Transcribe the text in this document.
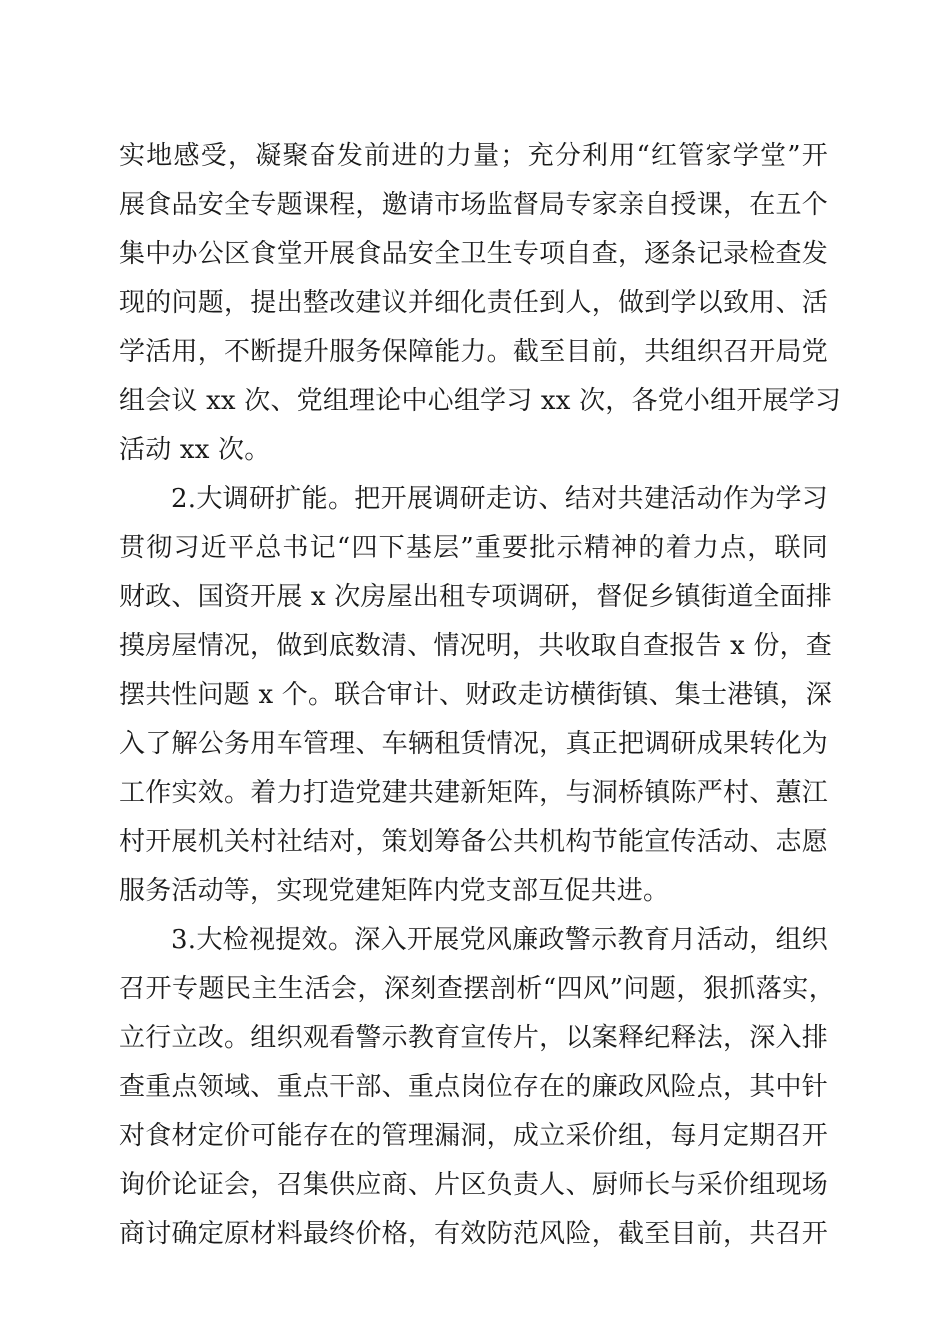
实地感受，凝聚奋发前进的力量；充分利用“红管家学堂”开
展食品安全专题课程，邀请市场监督局专家亲自授课，在五个
集中办公区食堂开展食品安全卫生专项自查，逐条记录检查发
现的问题，提出整改建议并细化责任到人，做到学以致用、活
学活用，不断提升服务保障能力。截至目前，共组织召开局党
组会议 xx 次、党组理论中心组学习 xx 次，各党小组开展学习
活动 xx 次。
2.大调研扩能。把开展调研走访、结对共建活动作为学习
贯彻习近平总书记“四下基层”重要批示精神的着力点，联同
财政、国资开展 x 次房屋出租专项调研，督促乡镇街道全面排
摸房屋情况，做到底数清、情况明，共收取自查报告 x 份，查
摆共性问题 x 个。联合审计、财政走访横街镇、集士港镇，深
入了解公务用车管理、车辆租赁情况，真正把调研成果转化为
工作实效。着力打造党建共建新矩阵，与洞桥镇陈严村、蕙江
村开展机关村社结对，策划筹备公共机构节能宣传活动、志愿
服务活动等，实现党建矩阵内党支部互促共进。
3.大检视提效。深入开展党风廉政警示教育月活动，组织
召开专题民主生活会，深刻查摆剖析“四风”问题，狠抓落实，
立行立改。组织观看警示教育宣传片，以案释纪释法，深入排
查重点领域、重点干部、重点岗位存在的廉政风险点，其中针
对食材定价可能存在的管理漏洞，成立采价组，每月定期召开
询价论证会，召集供应商、片区负责人、厨师长与采价组现场
商讨确定原材料最终价格，有效防范风险，截至目前，共召开
